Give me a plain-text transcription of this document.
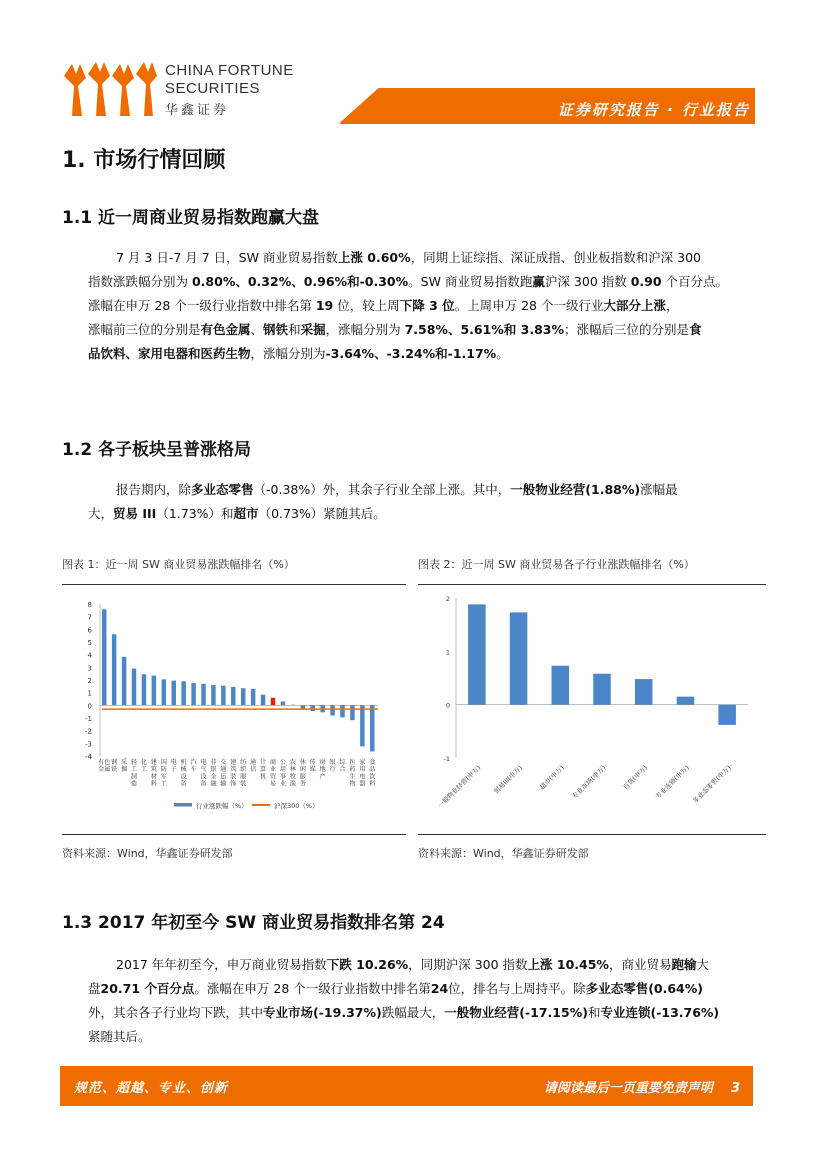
CHINA FORTUNE
SECURITIES
华鑫证券	证券研究报告 · 行业报告
1. 市场行情回顾
1.1 近一周商业贸易指数跑赢大盘
7 月 3 日-7 月 7 日，SW 商业贸易指数上涨 0.60%，同期上证综指、深证成指、创业板指数和沪深 300
指数涨跌幅分别为 0.80%、0.32%、0.96%和-0.30%。SW 商业贸易指数跑赢沪深 300 指数 0.90 个百分点。
涨幅在申万 28 个一级行业指数中排名第 19 位，较上周下降 3 位。上周申万 28 个一级行业大部分上涨，
涨幅前三位的分别是有色金属、钢铁和采掘，涨幅分别为 7.58%、5.61%和 3.83%；涨幅后三位的分别是食
品饮料、家用电器和医药生物，涨幅分别为-3.64%、-3.24%和-1.17%。
1.2 各子板块呈普涨格局
报告期内，除多业态零售（-0.38%）外，其余子行业全部上涨。其中，一般物业经营(1.88%)涨幅最
大，贸易 III（1.73%）和超市（0.73%）紧随其后。
图表 1：近一周 SW 商业贸易涨跌幅排名（%）
8
7
6
5
4
3
2
1
0
-1
-2
-3
-4
有色金属
钢铁
采掘
轻工制造
化工
建筑材料
国防军工
电子
机械设备
汽车
电气设备
非银金融
交通运输
建筑装饰
纺织服装
通信
计算机
商业贸易
公用事业
农林牧渔
休闲服务
传媒
房地产
银行
综合
医药生物
家用电器
食品饮料
行业涨跌幅（%）	沪深300（%）
资料来源：Wind，华鑫证券研发部
图表 2：近一周 SW 商业贸易各子行业涨跌幅排名（%）
2
1
0
-1
一般物业经营(申万) 贸易III(申万) 超市(申万) 专业市场(申万) 百货(申万) 专业连锁(申万) 多业态零售(申万)
资料来源：Wind，华鑫证券研发部
1.3 2017 年初至今 SW 商业贸易指数排名第 24
2017 年年初至今，申万商业贸易指数下跌 10.26%，同期沪深 300 指数上涨 10.45%，商业贸易跑输大
盘20.71 个百分点。涨幅在申万 28 个一级行业指数中排名第24位，排名与上周持平。除多业态零售(0.64%)
外，其余各子行业均下跌，其中专业市场(-19.37%)跌幅最大，一般物业经营(-17.15%)和专业连锁(-13.76%)
紧随其后。
规范、超越、专业、创新	请阅读最后一页重要免责声明    3
